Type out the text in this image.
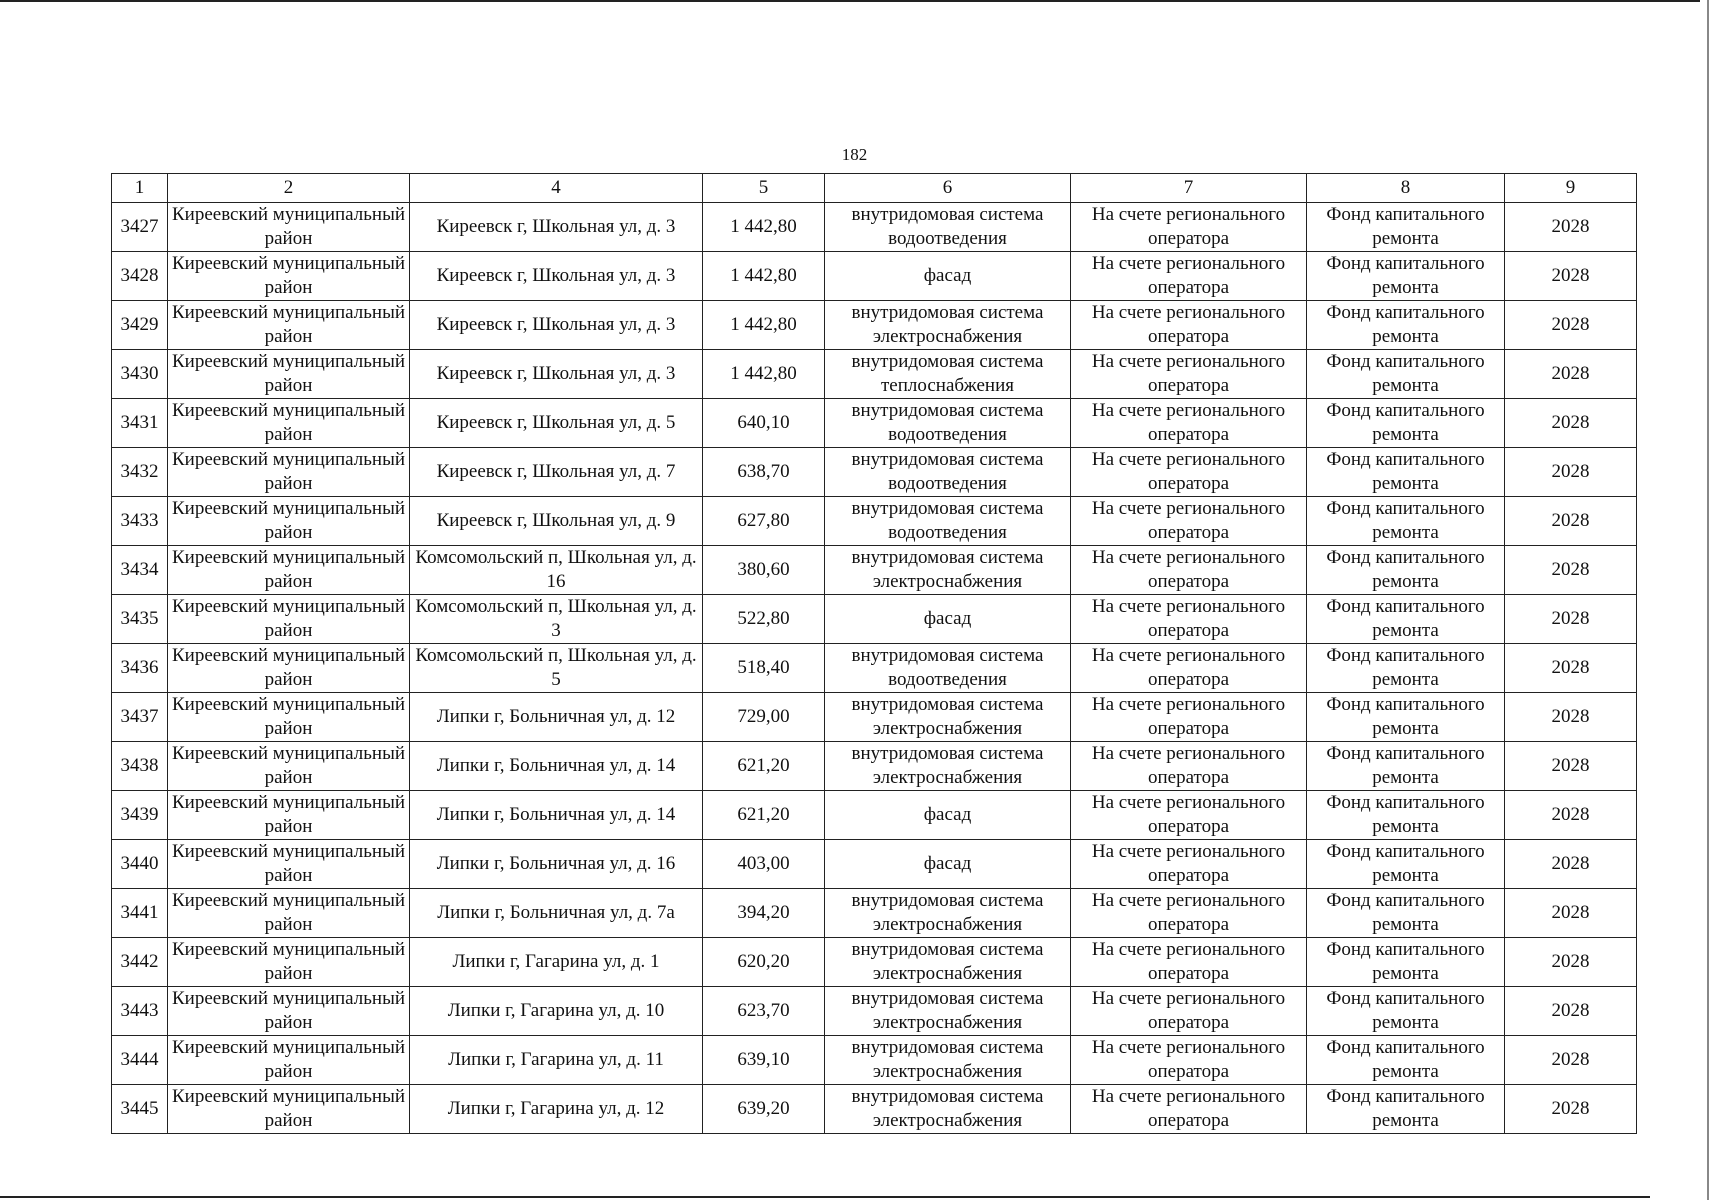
182
1	2	4	5	6	7	8	9
3427	Киреевский муниципальный район	Киреевск г, Школьная ул, д. 3	1 442,80	внутридомовая система водоотведения	На счете регионального оператора	Фонд капитального ремонта	2028
3428	Киреевский муниципальный район	Киреевск г, Школьная ул, д. 3	1 442,80	фасад	На счете регионального оператора	Фонд капитального ремонта	2028
3429	Киреевский муниципальный район	Киреевск г, Школьная ул, д. 3	1 442,80	внутридомовая система электроснабжения	На счете регионального оператора	Фонд капитального ремонта	2028
3430	Киреевский муниципальный район	Киреевск г, Школьная ул, д. 3	1 442,80	внутридомовая система теплоснабжения	На счете регионального оператора	Фонд капитального ремонта	2028
3431	Киреевский муниципальный район	Киреевск г, Школьная ул, д. 5	640,10	внутридомовая система водоотведения	На счете регионального оператора	Фонд капитального ремонта	2028
3432	Киреевский муниципальный район	Киреевск г, Школьная ул, д. 7	638,70	внутридомовая система водоотведения	На счете регионального оператора	Фонд капитального ремонта	2028
3433	Киреевский муниципальный район	Киреевск г, Школьная ул, д. 9	627,80	внутридомовая система водоотведения	На счете регионального оператора	Фонд капитального ремонта	2028
3434	Киреевский муниципальный район	Комсомольский п, Школьная ул, д. 16	380,60	внутридомовая система электроснабжения	На счете регионального оператора	Фонд капитального ремонта	2028
3435	Киреевский муниципальный район	Комсомольский п, Школьная ул, д. 3	522,80	фасад	На счете регионального оператора	Фонд капитального ремонта	2028
3436	Киреевский муниципальный район	Комсомольский п, Школьная ул, д. 5	518,40	внутридомовая система водоотведения	На счете регионального оператора	Фонд капитального ремонта	2028
3437	Киреевский муниципальный район	Липки г, Больничная ул, д. 12	729,00	внутридомовая система электроснабжения	На счете регионального оператора	Фонд капитального ремонта	2028
3438	Киреевский муниципальный район	Липки г, Больничная ул, д. 14	621,20	внутридомовая система электроснабжения	На счете регионального оператора	Фонд капитального ремонта	2028
3439	Киреевский муниципальный район	Липки г, Больничная ул, д. 14	621,20	фасад	На счете регионального оператора	Фонд капитального ремонта	2028
3440	Киреевский муниципальный район	Липки г, Больничная ул, д. 16	403,00	фасад	На счете регионального оператора	Фонд капитального ремонта	2028
3441	Киреевский муниципальный район	Липки г, Больничная ул, д. 7а	394,20	внутридомовая система электроснабжения	На счете регионального оператора	Фонд капитального ремонта	2028
3442	Киреевский муниципальный район	Липки г, Гагарина ул, д. 1	620,20	внутридомовая система электроснабжения	На счете регионального оператора	Фонд капитального ремонта	2028
3443	Киреевский муниципальный район	Липки г, Гагарина ул, д. 10	623,70	внутридомовая система электроснабжения	На счете регионального оператора	Фонд капитального ремонта	2028
3444	Киреевский муниципальный район	Липки г, Гагарина ул, д. 11	639,10	внутридомовая система электроснабжения	На счете регионального оператора	Фонд капитального ремонта	2028
3445	Киреевский муниципальный район	Липки г, Гагарина ул, д. 12	639,20	внутридомовая система электроснабжения	На счете регионального оператора	Фонд капитального ремонта	2028
